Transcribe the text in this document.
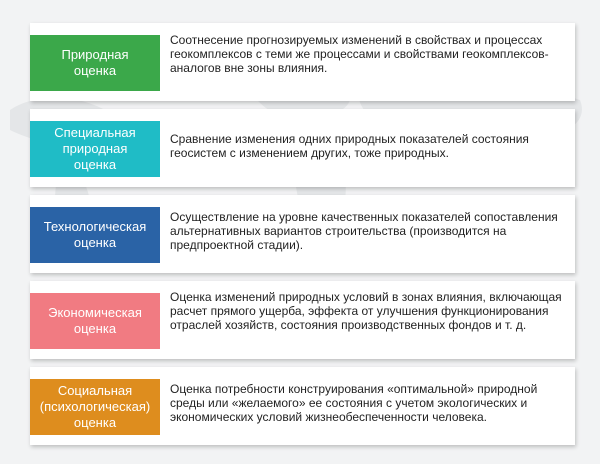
Природная
оценка
Соотнесение прогнозируемых изменений в свойствах и процессах геокомплексов с теми же процессами и свойствами геокомплексов-аналогов вне зоны влияния.
Специальная
природная
оценка
Сравнение изменения одних природных показателей состояния геосистем с изменением других, тоже природных.
Технологическая
оценка
Осуществление на уровне качественных показателей сопоставления альтернативных вариантов строительства (производится на предпроектной стадии).
Экономическая
оценка
Оценка изменений природных условий в зонах влияния, включающая расчет прямого ущерба, эффекта от улучшения функционирования отраслей хозяйств, состояния производственных фондов и т. д.
Социальная
(психологическая)
оценка
Оценка потребности конструирования «оптимальной» природной среды или «желаемого» ее состояния с учетом экологических и экономических условий жизнеобеспеченности человека.
